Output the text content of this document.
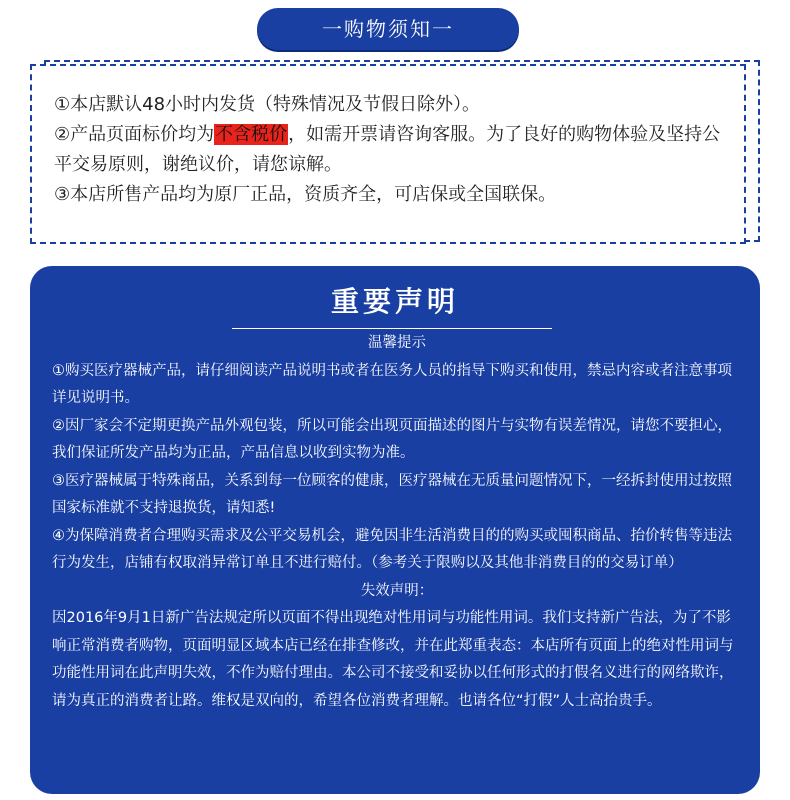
一购物须知一

①本店默认48小时内发货（特殊情况及节假日除外）。

②产品页面标价均为不含税价，如需开票请咨询客服。为了良好的购物体验及坚持公平交易原则，谢绝议价，请您谅解。

③本店所售产品均为原厂正品，资质齐全，可店保或全国联保。

重要声明

温馨提示

①购买医疗器械产品，请仔细阅读产品说明书或者在医务人员的指导下购买和使用，禁忌内容或者注意事项详见说明书。

②因厂家会不定期更换产品外观包装，所以可能会出现页面描述的图片与实物有误差情况，请您不要担心，我们保证所发产品均为正品，产品信息以收到实物为准。

③医疗器械属于特殊商品，关系到每一位顾客的健康，医疗器械在无质量问题情况下，一经拆封使用过按照国家标准就不支持退换货，请知悉!

④为保障消费者合理购买需求及公平交易机会，避免因非生活消费目的的购买或囤积商品、抬价转售等违法行为发生，店铺有权取消异常订单且不进行赔付。（参考关于限购以及其他非消费目的的交易订单）

失效声明：

因2016年9月1日新广告法规定所以页面不得出现绝对性用词与功能性用词。我们支持新广告法，为了不影响正常消费者购物，页面明显区域本店已经在排查修改，并在此郑重表态：本店所有页面上的绝对性用词与功能性用词在此声明失效，不作为赔付理由。本公司不接受和妥协以任何形式的打假名义进行的网络欺诈，请为真正的消费者让路。维权是双向的，希望各位消费者理解。也请各位“打假”人士高抬贵手。
